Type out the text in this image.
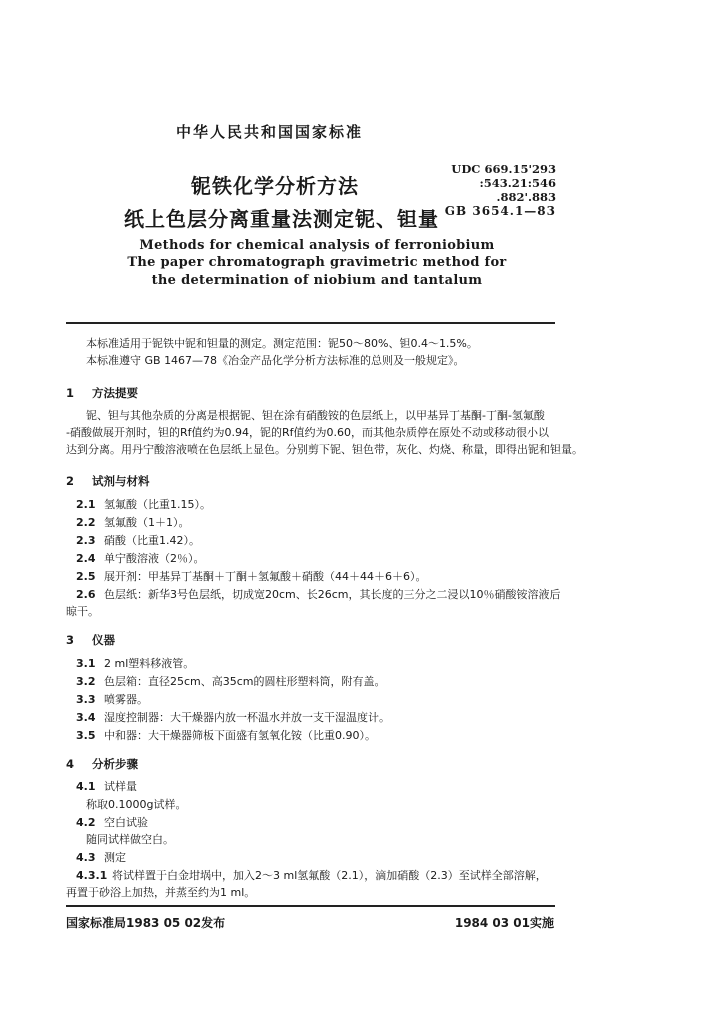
中华人民共和国国家标准
铌铁化学分析方法
纸上色层分离重量法测定铌、钽量
UDC 669.15'293
:543.21:546
.882'.883
GB 3654.1—83
Methods for chemical analysis of ferroniobium
The paper chromatograph gravimetric method for
the determination of niobium and tantalum
本标准适用于铌铁中铌和钽量的测定。测定范围：铌50～80%、钽0.4～1.5%。
本标准遵守 GB 1467—78《冶金产品化学分析方法标准的总则及一般规定》。
1 方法提要
铌、钽与其他杂质的分离是根据铌、钽在涂有硝酸铵的色层纸上，以甲基异丁基酮-丁酮-氢氟酸
-硝酸做展开剂时，钽的Rf值约为0.94，铌的Rf值约为0.60，而其他杂质停在原处不动或移动很小以
达到分离。用丹宁酸溶液喷在色层纸上显色。分别剪下铌、钽色带，灰化、灼烧、称量，即得出铌和钽量。
2 试剂与材料
2.1 氢氟酸（比重1.15）。
2.2 氢氟酸（1＋1）。
2.3 硝酸（比重1.42）。
2.4 单宁酸溶液（2％）。
2.5 展开剂：甲基异丁基酮＋丁酮＋氢氟酸＋硝酸（44＋44＋6＋6）。
2.6 色层纸：新华3号色层纸，切成宽20cm、长26cm，其长度的三分之二浸以10％硝酸铵溶液后
晾干。
3 仪器
3.1 2 ml塑料移液管。
3.2 色层箱：直径25cm、高35cm的圆柱形塑料筒，附有盖。
3.3 喷雾器。
3.4 湿度控制器：大干燥器内放一杯温水并放一支干湿温度计。
3.5 中和器：大干燥器筛板下面盛有氢氧化铵（比重0.90）。
4 分析步骤
4.1 试样量
称取0.1000g试样。
4.2 空白试验
随同试样做空白。
4.3 测定
4.3.1 将试样置于白金坩埚中，加入2～3 ml氢氟酸（2.1），滴加硝酸（2.3）至试样全部溶解，
再置于砂浴上加热，并蒸至约为1 ml。
国家标准局1983 05 02发布	1984 03 01实施
